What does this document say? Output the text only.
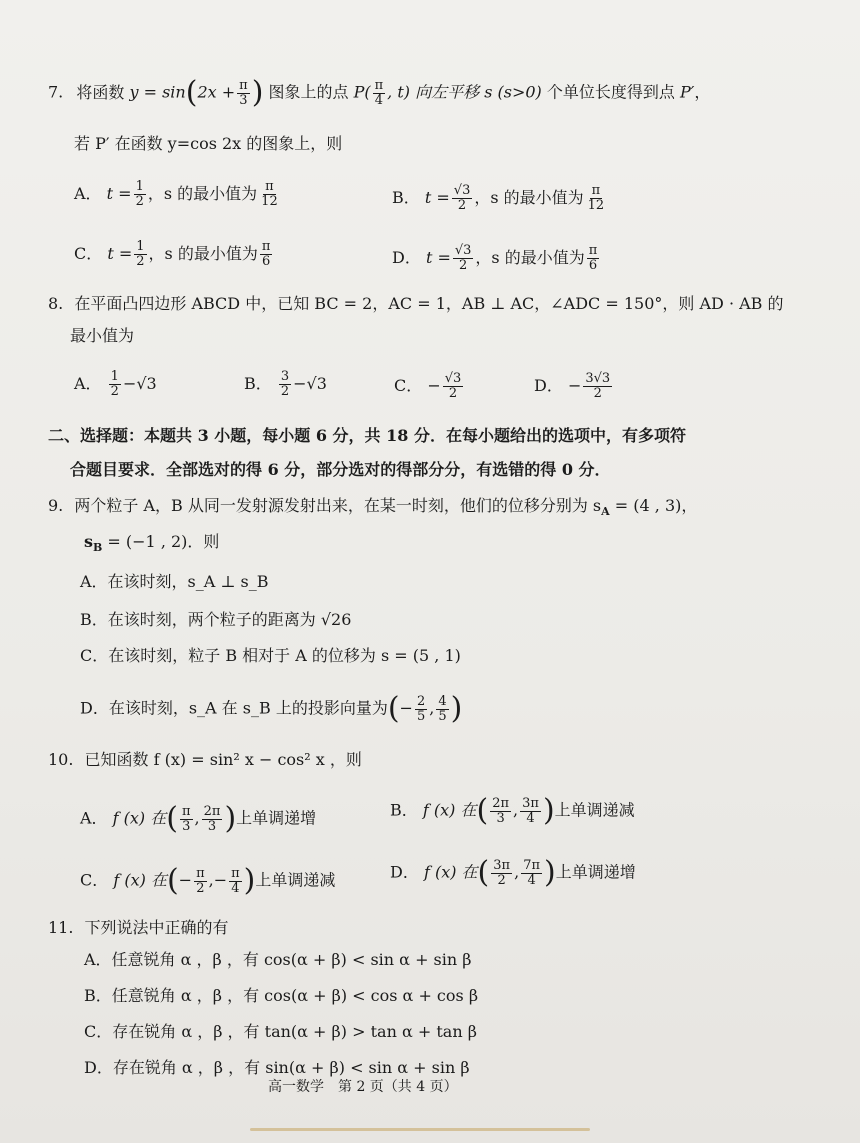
7. 将函数 $y = \sin(2x + \frac{\pi}{3}$ ) 图象上的点 $P( \frac{\pi}{4}$ , t) 向左平移 s (s>0) 个单位长度得到点 P′，
若 P′ 在函数 y=cos 2x 的图象上，则
A． $t = \frac{1}{2}$ ，s 的最小值为 $\frac{\pi}{12}$	B． $t = \frac{√3}{2}$ ，s 的最小值为 $\frac{\pi}{12}$
C． $t = \frac{1}{2}$ ，s 的最小值为 $\frac{\pi}{6}$	D． $t = \frac{√3}{2}$ ，s 的最小值为 $\frac{\pi}{6}$
8. 在平面凸四边形 ABCD 中，已知 BC = 2，AC = 1，AB ⊥ AC，∠ADC = 150°，则 AD · AB 的
最小值为
A． $\frac{1}{2} -√3$	B． $\frac{3}{2} -√3$	C． − $\frac{√3}{2}$	D． − $\frac{3√3}{2}$
二、选择题：本题共 3 小题，每小题 6 分，共 18 分．在每小题给出的选项中，有多项符
合题目要求．全部选对的得 6 分，部分选对的得部分分，有选错的得 0 分．
9. 两个粒子 A，B 从同一发射源发射出来，在某一时刻，他们的位移分别为 $s_A = (4$ , 3)，
$s_B = (-1$ , 2)．则
A．在该时刻，s_A ⊥ s_B
B．在该时刻，两个粒子的距离为 √26
C．在该时刻，粒子 B 相对于 A 的位移为 s = (5 , 1)
D．在该时刻，s_A 在 s_B 上的投影向量为(− $\frac{2}{5}$ , $\frac{4}{5}$ )
10. 已知函数 f (x) = sin² x − cos² x ，则
A． f (x) 在( $\frac{\pi}{3}$ , $\frac{2\pi}{3}$ )上单调递增	B． f (x) 在( $\frac{2\pi}{3}$ , $\frac{3\pi}{4}$ )上单调递减
C． f (x) 在(− $\frac{\pi}{2}$ ,− $\frac{\pi}{4}$ )上单调递减	D． f (x) 在( $\frac{3\pi}{2}$ , $\frac{7\pi}{4}$ )上单调递增
11. 下列说法中正确的有
A．任意锐角 α ，β ，有 cos(α + β) < sin α + sin β
B．任意锐角 α ，β ，有 cos(α + β) < cos α + cos β
C．存在锐角 α ，β ，有 tan(α + β) > tan α + tan β
D．存在锐角 α ，β ，有 sin(α + β) < sin α + sin β
高一数学　第 2 页（共 4 页）
